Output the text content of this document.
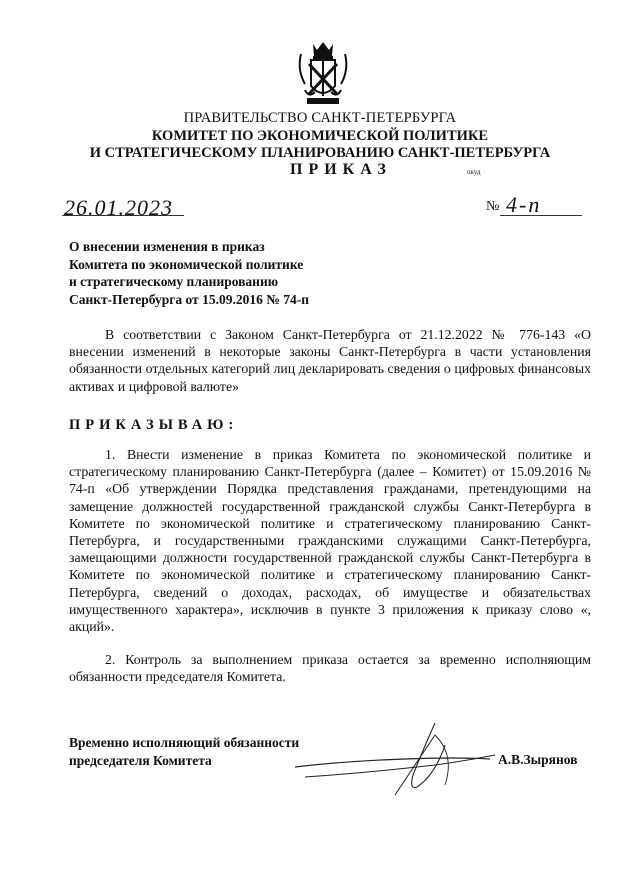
ПРАВИТЕЛЬСТВО САНКТ-ПЕТЕРБУРГА
КОМИТЕТ ПО ЭКОНОМИЧЕСКОЙ ПОЛИТИКЕ
И СТРАТЕГИЧЕСКОМУ ПЛАНИРОВАНИЮ САНКТ-ПЕТЕРБУРГА
ПРИКАЗ	окуд
26.01.2023	№ 4-п
О внесении изменения в приказ
Комитета по экономической политике
и стратегическому планированию
Санкт-Петербурга от 15.09.2016 № 74-п
В соответствии с Законом Санкт-Петербурга от 21.12.2022 № 776-143 «О внесении изменений в некоторые законы Санкт-Петербурга в части установления обязанности отдельных категорий лиц декларировать сведения о цифровых финансовых активах и цифровой валюте»
ПРИКАЗЫВАЮ:
1. Внести изменение в приказ Комитета по экономической политике и стратегическому планированию Санкт-Петербурга (далее – Комитет) от 15.09.2016 № 74-п «Об утверждении Порядка представления гражданами, претендующими на замещение должностей государственной гражданской службы Санкт-Петербурга в Комитете по экономической политике и стратегическому планированию Санкт-Петербурга, и государственными гражданскими служащими Санкт-Петербурга, замещающими должности государственной гражданской службы Санкт-Петербурга в Комитете по экономической политике и стратегическому планированию Санкт-Петербурга, сведений о доходах, расходах, об имуществе и обязательствах имущественного характера», исключив в пункте 3 приложения к приказу слово «, акций».
2. Контроль за выполнением приказа остается за временно исполняющим обязанности председателя Комитета.
Временно исполняющий обязанности
председателя Комитета	А.В.Зырянов
